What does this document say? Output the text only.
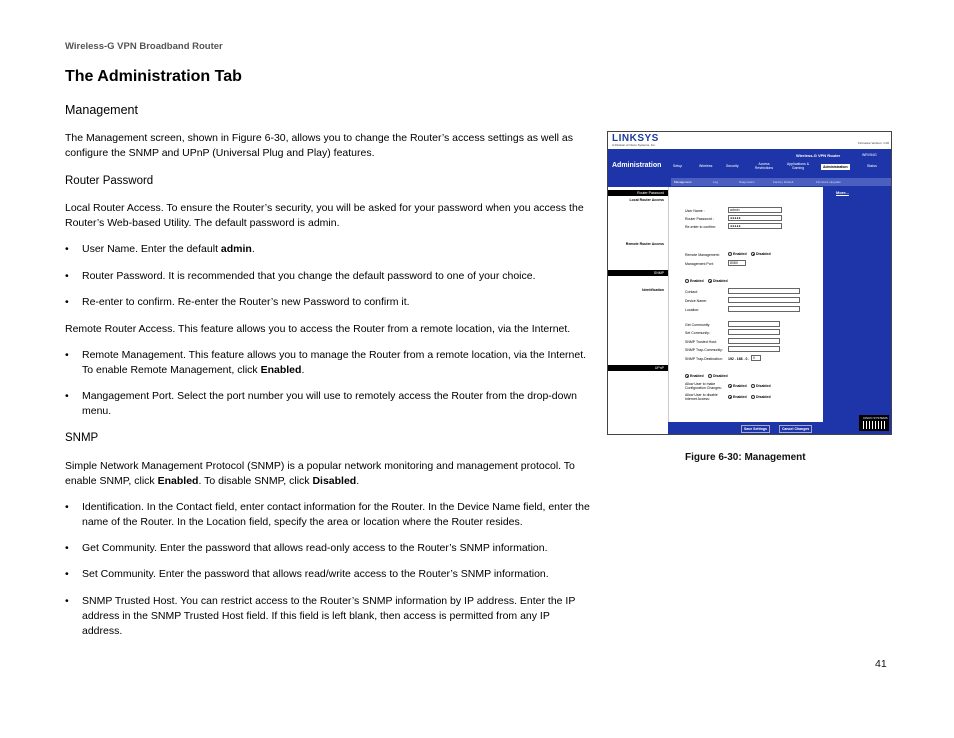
Wireless-G VPN Broadband Router
The Administration Tab
Management
The Management screen, shown in Figure 6-30, allows you to change the Router’s access settings as well as configure the SNMP and UPnP (Universal Plug and Play) features.
Router Password
Local Router Access. To ensure the Router’s security, you will be asked for your password when you access the Router’s Web-based Utility. The default password is admin.
• User Name. Enter the default admin.
• Router Password. It is recommended that you change the default password to one of your choice.
• Re-enter to confirm. Re-enter the Router’s new Password to confirm it.
Remote Router Access. This feature allows you to access the Router from a remote location, via the Internet.
• Remote Management. This feature allows you to manage the Router from a remote location, via the Internet. To enable Remote Management, click Enabled.
• Mangagement Port. Select the port number you will use to remotely access the Router from the drop-down menu.
SNMP
Simple Network Management Protocol (SNMP) is a popular network monitoring and management protocol. To enable SNMP, click Enabled. To disable SNMP, click Disabled.
• Identification. In the Contact field, enter contact information for the Router. In the Device Name field, enter the name of the Router. In the Location field, specify the area or location where the Router resides.
• Get Community. Enter the password that allows read-only access to the Router’s SNMP information.
• Set Community. Enter the password that allows read/write access to the Router’s SNMP information.
• SNMP Trusted Host. You can restrict access to the Router’s SNMP information by IP address. Enter the IP address in the SNMP Trusted Host field. If this field is left blank, then access is permitted from any IP address.
LINKSYS
A Division of Cisco Systems, Inc.	Firmware Version: 1.00
Administration
Wireless-G VPN Router	WRV54G
Setup	Wireless	Security	Access Restrictions
Applications & Gaming	Administration	Status
Management	Log	Diagnostics	Factory Default	Firmware Upgrade
Router Password
Local Router Access
Remote Router Access
SNMP
Identification
UPnP
User Name :	admin
Router Password :	●●●●●
Re-enter to confirm:	●●●●●
Remote Management:	Enabled	Disabled
Management Port:	8080
Enabled	Disabled
Contact:
Device Name:
Location:
Get Community:
Set Community:
SNMP Trusted Host:
SNMP Trap-Community:
SNMP Trap-Destination: 192 . 168 . 0 .	0
Enabled	Disabled
Allow User to make Configuration Changes:	Enabled	Disabled
Allow User to disable Internet Access:	Enabled	Disabled
More...
CISCO SYSTEMS
Save Settings	Cancel Changes
Figure 6-30: Management
41
